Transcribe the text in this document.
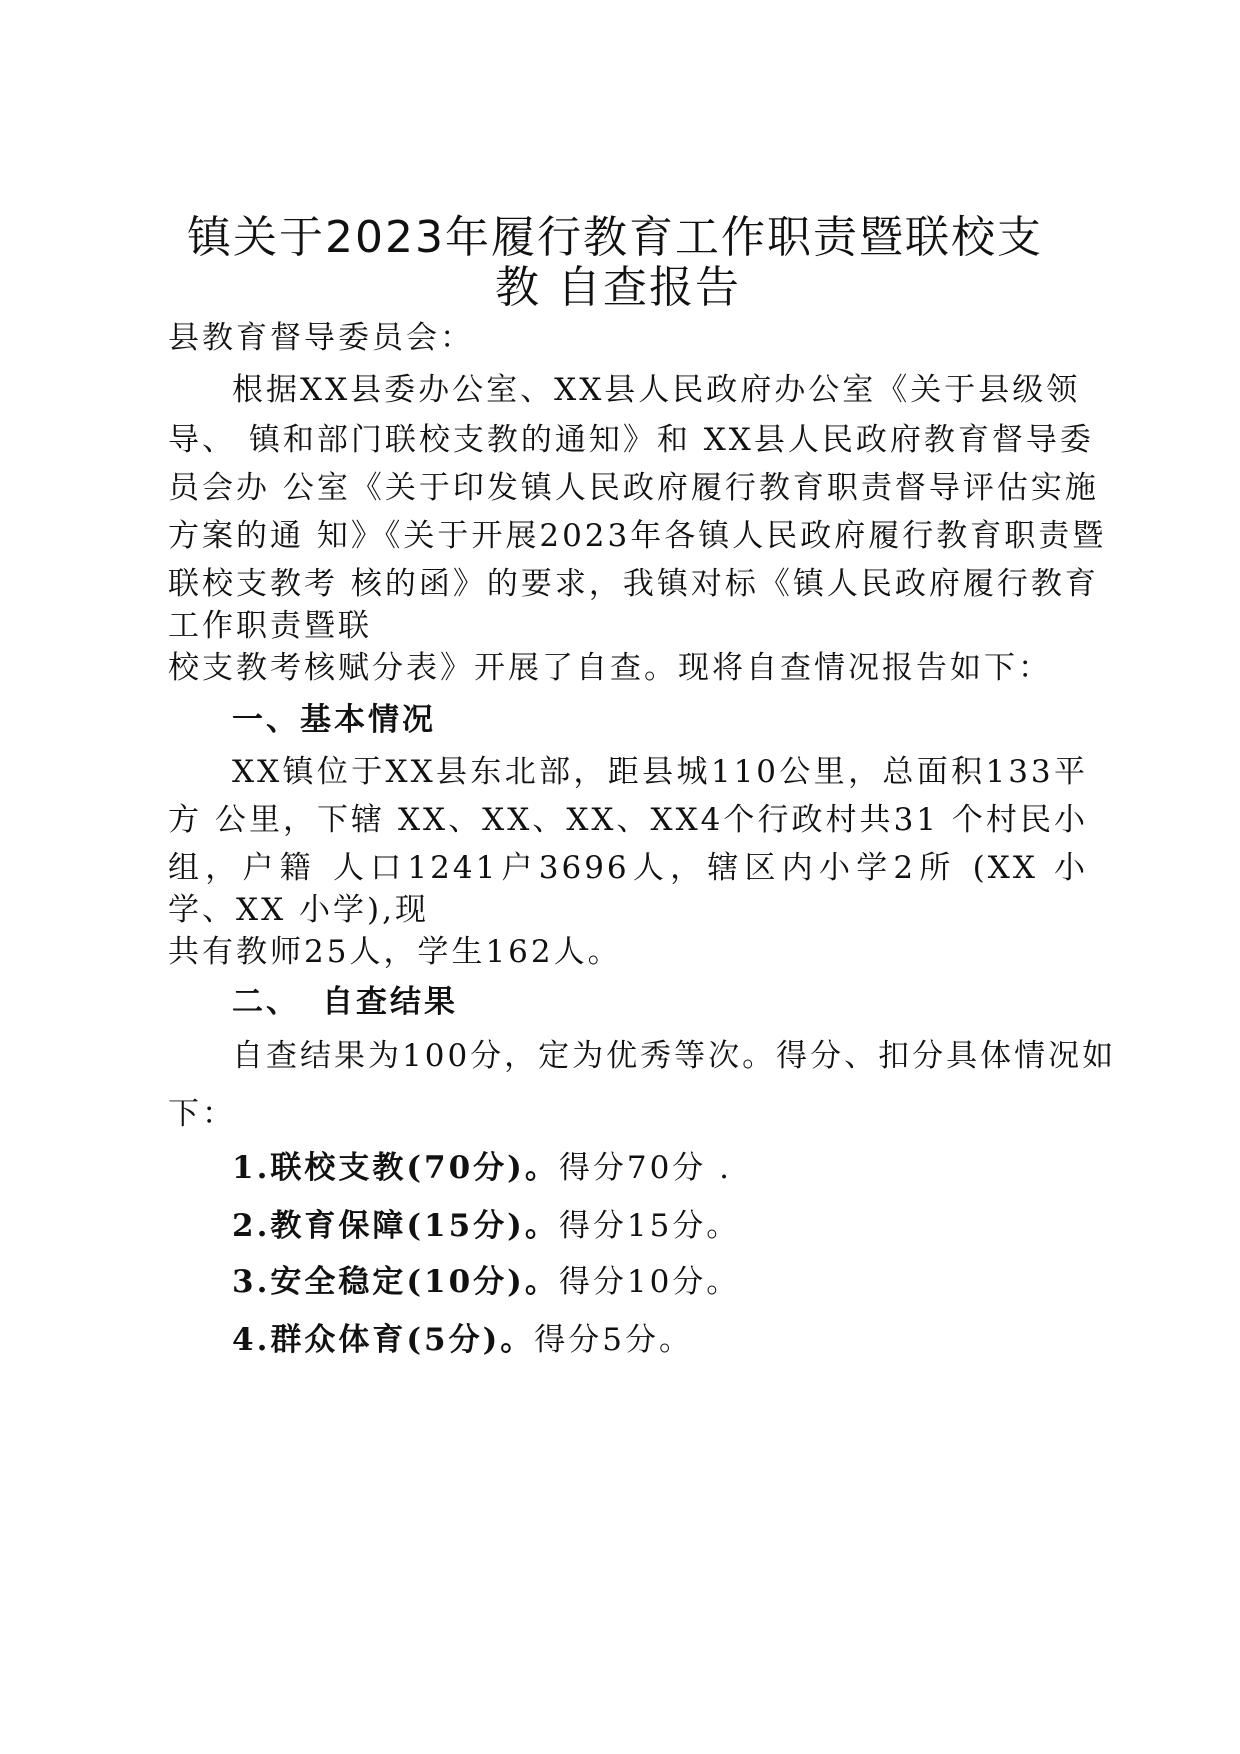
镇关于2023年履行教育工作职责暨联校支
教 自查报告
县教育督导委员会：
根据XX县委办公室、XX县人民政府办公室《关于县级领
导、 镇和部门联校支教的通知》和 XX县人民政府教育督导委
员会办 公室《关于印发镇人民政府履行教育职责督导评估实施
方案的通 知》《关于开展2023年各镇人民政府履行教育职责暨
联校支教考 核的函》的要求，我镇对标《镇人民政府履行教育
工作职责暨联
校支教考核赋分表》开展了自查。现将自查情况报告如下：
一、基本情况
XX镇位于XX县东北部，距县城110公里，总面积133平
方 公里，下辖 XX、XX、XX、XX4个行政村共31 个村民小
组，户籍 人口1241户3696人，辖区内小学2所 (XX 小
学、XX 小学),现
共有教师25人，学生162人。
二、 自查结果
自查结果为100分，定为优秀等次。得分、扣分具体情况如
下：
1.联校支教(70分)。得分70分 .
2.教育保障(15分)。得分15分。
3.安全稳定(10分)。得分10分。
4.群众体育(5分)。得分5分。
